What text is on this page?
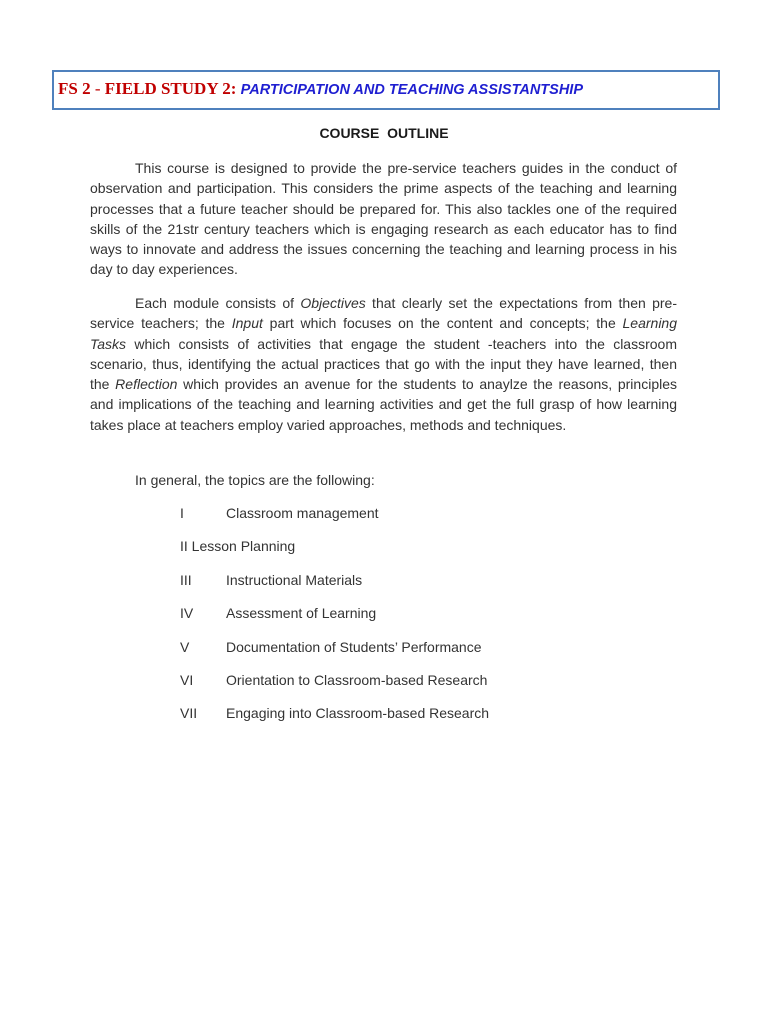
FS 2 - FIELD STUDY 2: PARTICIPATION AND TEACHING ASSISTANTSHIP
COURSE  OUTLINE

This course is designed to provide the pre-service teachers guides in the conduct of observation and participation. This considers the prime aspects of the teaching and learning processes that a future teacher should be prepared for. This also tackles one of the required skills of the 21str century teachers which is engaging research as each educator has to find ways to innovate and address the issues concerning the teaching and learning process in his day to day experiences.

Each module consists of Objectives that clearly set the expectations from then pre-service teachers; the Input part which focuses on the content and concepts; the Learning Tasks which consists of activities that engage the student -teachers into the classroom scenario, thus, identifying the actual practices that go with the input they have learned, then the Reflection which provides an avenue for the students to anaylze the reasons, principles and implications of the teaching and learning activities and get the full grasp of how learning takes place at teachers employ varied approaches, methods and techniques.

In general, the topics are the following:

I	Classroom management
II Lesson Planning
III Instructional Materials
IV Assessment of Learning
V	Documentation of Students’ Performance
VI Orientation to Classroom-based Research
VII Engaging into Classroom-based Research
